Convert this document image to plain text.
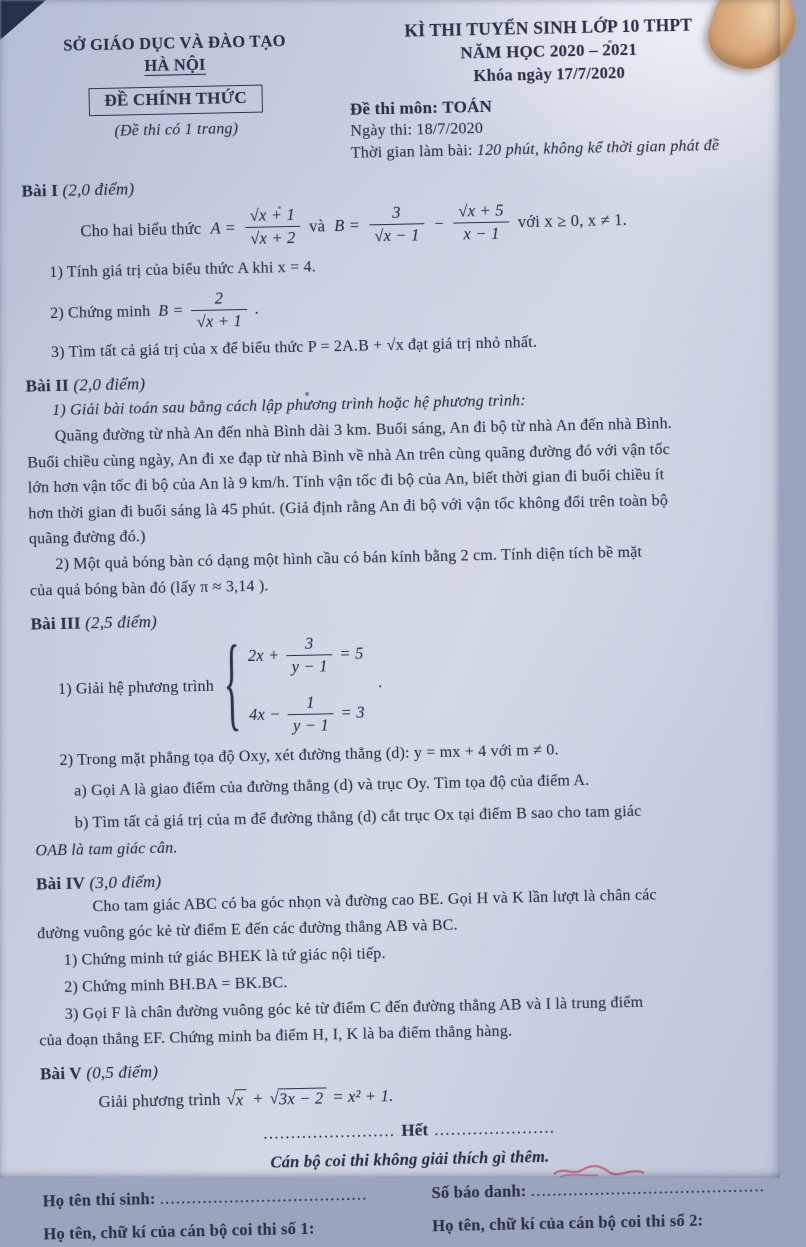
SỞ GIÁO DỤC VÀ ĐÀO TẠO
HÀ NỘI
ĐỀ CHÍNH THỨC
(Đề thi có 1 trang)
KÌ THI TUYỂN SINH LỚP 10 THPT
NĂM HỌC 2020 – 2021
Khóa ngày 17/7/2020
Đề thi môn: TOÁN
Ngày thi: 18/7/2020
Thời gian làm bài: 120 phút, không kể thời gian phát đề
Bài I (2,0 điểm)
Cho hai biểu thức $A = \frac{√x + 1}{√x + 2}$ và $B = \frac{3}{√x - 1} - \frac{√x + 5}{x - 1}$ với x ≥ 0, x ≠ 1.
1) Tính giá trị của biểu thức A khi x = 4.
2) Chứng minh $B = \frac{2}{√x + 1}$ .
3) Tìm tất cả giá trị của x để biểu thức P = 2A.B + √x đạt giá trị nhỏ nhất.
Bài II (2,0 điểm)
1) Giải bài toán sau bằng cách lập phương trình hoặc hệ phương trình:
Quãng đường từ nhà An đến nhà Bình dài 3 km. Buổi sáng, An đi bộ từ nhà An đến nhà Bình.
Buổi chiều cùng ngày, An đi xe đạp từ nhà Bình về nhà An trên cùng quãng đường đó với vận tốc
lớn hơn vận tốc đi bộ của An là 9 km/h. Tính vận tốc đi bộ của An, biết thời gian đi buổi chiều ít
hơn thời gian đi buổi sáng là 45 phút. (Giả định rằng An đi bộ với vận tốc không đổi trên toàn bộ
quãng đường đó.)
2) Một quả bóng bàn có dạng một hình cầu có bán kính bằng 2 cm. Tính diện tích bề mặt
của quả bóng bàn đó (lấy π ≈ 3,14 ).
Bài III (2,5 điểm)
1) Giải hệ phương trình { $2x + \frac{3}{y - 1} = 5$
$4x - \frac{1}{y - 1} = 3$
.
2) Trong mặt phẳng tọa độ Oxy, xét đường thẳng (d): y = mx + 4 với m ≠ 0.
a) Gọi A là giao điểm của đường thẳng (d) và trục Oy. Tìm tọa độ của điểm A.
b) Tìm tất cả giá trị của m để đường thẳng (d) cắt trục Ox tại điểm B sao cho tam giác
OAB là tam giác cân.
Bài IV (3,0 điểm)
Cho tam giác ABC có ba góc nhọn và đường cao BE. Gọi H và K lần lượt là chân các
đường vuông góc kẻ từ điểm E đến các đường thẳng AB và BC.
1) Chứng minh tứ giác BHEK là tứ giác nội tiếp.
2) Chứng minh BH.BA = BK.BC.
3) Gọi F là chân đường vuông góc kẻ từ điểm C đến đường thẳng AB và I là trung điểm
của đoạn thẳng EF. Chứng minh ba điểm H, I, K là ba điểm thẳng hàng.
Bài V (0,5 điểm)
Giải phương trình √x + √3x − 2 = x² + 1.
........................ Hết ......................
Cán bộ coi thi không giải thích gì thêm.
Họ tên thí sinh: .......................................	Số báo danh: ............................................
Họ tên, chữ kí của cán bộ coi thi số 1:	Họ tên, chữ kí của cán bộ coi thi số 2:
